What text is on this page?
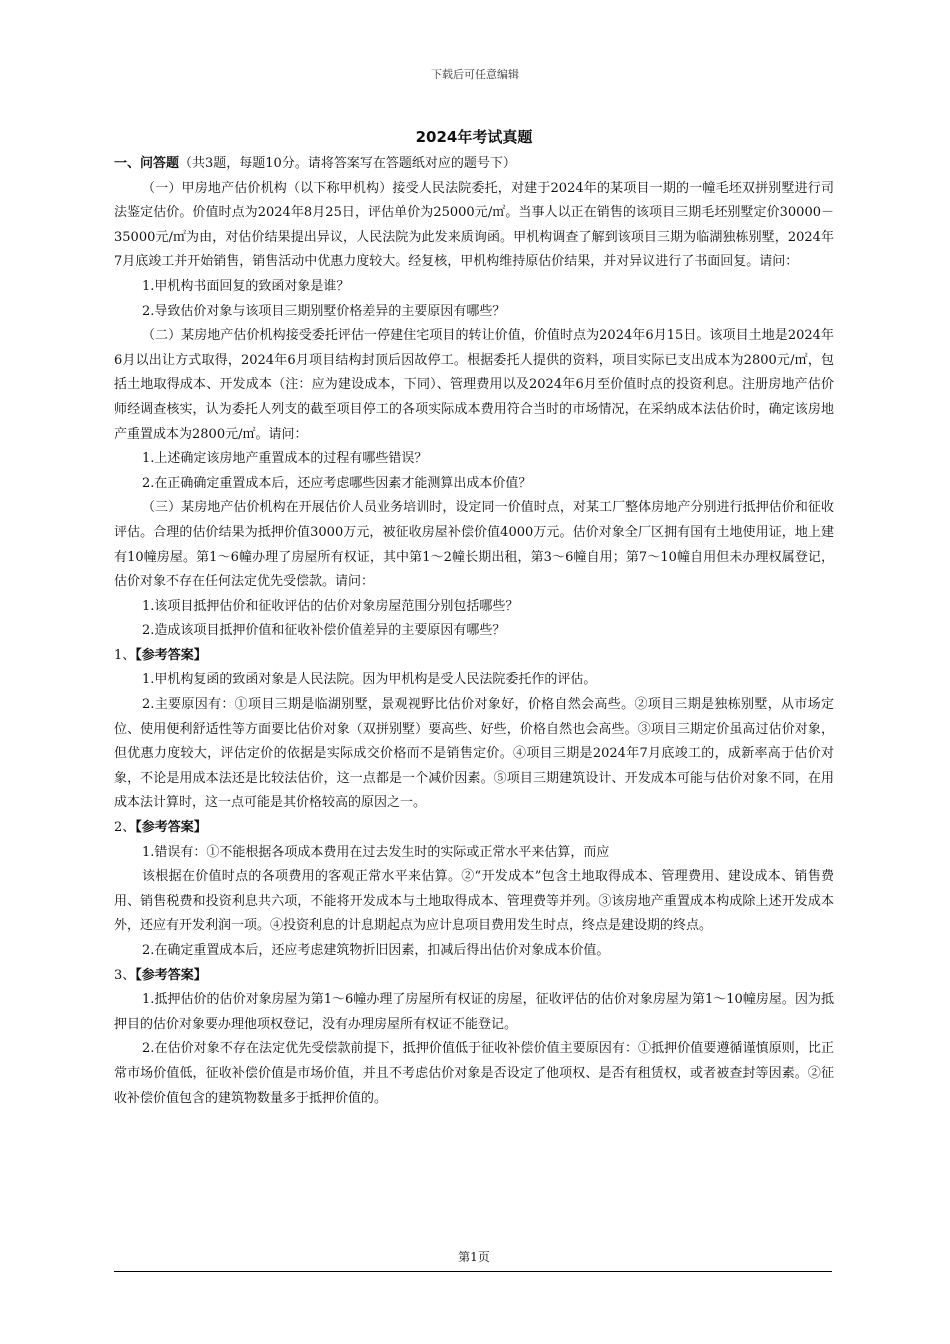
下载后可任意编辑
2024年考试真题
一、问答题（共3题，每题10分。请将答案写在答题纸对应的题号下）

（一）甲房地产估价机构（以下称甲机构）接受人民法院委托，对建于2024年的某项目一期的一幢毛坯双拼别墅进行司法鉴定估价。价值时点为2024年8月25日，评估单价为25000元/㎡。当事人以正在销售的该项目三期毛坯别墅定价30000－35000元/㎡为由，对估价结果提出异议，人民法院为此发来质询函。甲机构调查了解到该项目三期为临湖独栋别墅，2024年7月底竣工并开始销售，销售活动中优惠力度较大。经复核，甲机构维持原估价结果，并对异议进行了书面回复。请问：

1.甲机构书面回复的致函对象是谁？

2.导致估价对象与该项目三期别墅价格差异的主要原因有哪些？

（二）某房地产估价机构接受委托评估一停建住宅项目的转让价值，价值时点为2024年6月15日。该项目土地是2024年6月以出让方式取得，2024年6月项目结构封顶后因故停工。根据委托人提供的资料，项目实际已支出成本为2800元/㎡，包括土地取得成本、开发成本（注：应为建设成本，下同）、管理费用以及2024年6月至价值时点的投资利息。注册房地产估价师经调查核实，认为委托人列支的截至项目停工的各项实际成本费用符合当时的市场情况，在采纳成本法估价时，确定该房地产重置成本为2800元/㎡。请问：

1.上述确定该房地产重置成本的过程有哪些错误？

2.在正确确定重置成本后，还应考虑哪些因素才能测算出成本价值？

（三）某房地产估价机构在开展估价人员业务培训时，设定同一价值时点，对某工厂整体房地产分别进行抵押估价和征收评估。合理的估价结果为抵押价值3000万元，被征收房屋补偿价值4000万元。估价对象全厂区拥有国有土地使用证，地上建有10幢房屋。第1～6幢办理了房屋所有权证，其中第1～2幢长期出租，第3～6幢自用；第7～10幢自用但未办理权属登记，估价对象不存在任何法定优先受偿款。请问：

1.该项目抵押估价和征收评估的估价对象房屋范围分别包括哪些？

2.造成该项目抵押价值和征收补偿价值差异的主要原因有哪些？

1、【参考答案】

1.甲机构复函的致函对象是人民法院。因为甲机构是受人民法院委托作的评估。

2.主要原因有：①项目三期是临湖别墅，景观视野比估价对象好，价格自然会高些。②项目三期是独栋别墅，从市场定位、使用便利舒适性等方面要比估价对象（双拼别墅）要高些、好些，价格自然也会高些。③项目三期定价虽高过估价对象，但优惠力度较大，评估定价的依据是实际成交价格而不是销售定价。④项目三期是2024年7月底竣工的，成新率高于估价对象，不论是用成本法还是比较法估价，这一点都是一个减价因素。⑤项目三期建筑设计、开发成本可能与估价对象不同，在用成本法计算时，这一点可能是其价格较高的原因之一。

2、【参考答案】

1.错误有：①不能根据各项成本费用在过去发生时的实际或正常水平来估算，而应

该根据在价值时点的各项费用的客观正常水平来估算。②“开发成本”包含土地取得成本、管理费用、建设成本、销售费用、销售税费和投资利息共六项，不能将开发成本与土地取得成本、管理费等并列。③该房地产重置成本构成除上述开发成本外，还应有开发利润一项。④投资利息的计息期起点为应计息项目费用发生时点，终点是建设期的终点。

2.在确定重置成本后，还应考虑建筑物折旧因素，扣减后得出估价对象成本价值。

3、【参考答案】

1.抵押估价的估价对象房屋为第1～6幢办理了房屋所有权证的房屋，征收评估的估价对象房屋为第1～10幢房屋。因为抵押目的估价对象要办理他项权登记，没有办理房屋所有权证不能登记。

2.在估价对象不存在法定优先受偿款前提下，抵押价值低于征收补偿价值主要原因有：①抵押价值要遵循谨慎原则，比正常市场价值低，征收补偿价值是市场价值，并且不考虑估价对象是否设定了他项权、是否有租赁权，或者被查封等因素。②征收补偿价值包含的建筑物数量多于抵押价值的。

第1页
